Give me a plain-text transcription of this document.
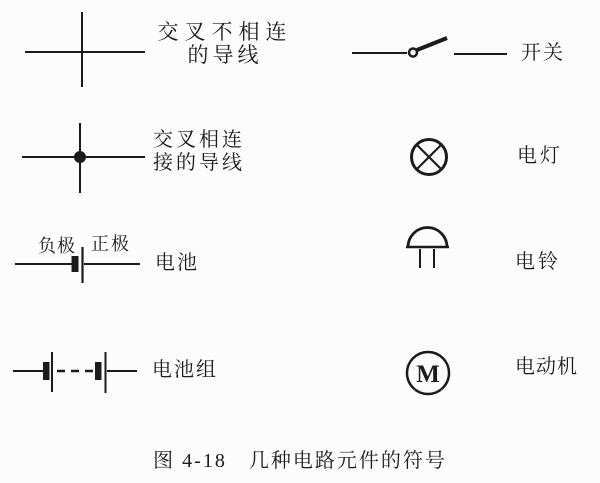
交叉不相连
的导线
交叉相连
接的导线
负极 正极
电池
电池组
开关
电灯
电铃
M	电动机
图 4-18 几种电路元件的符号
